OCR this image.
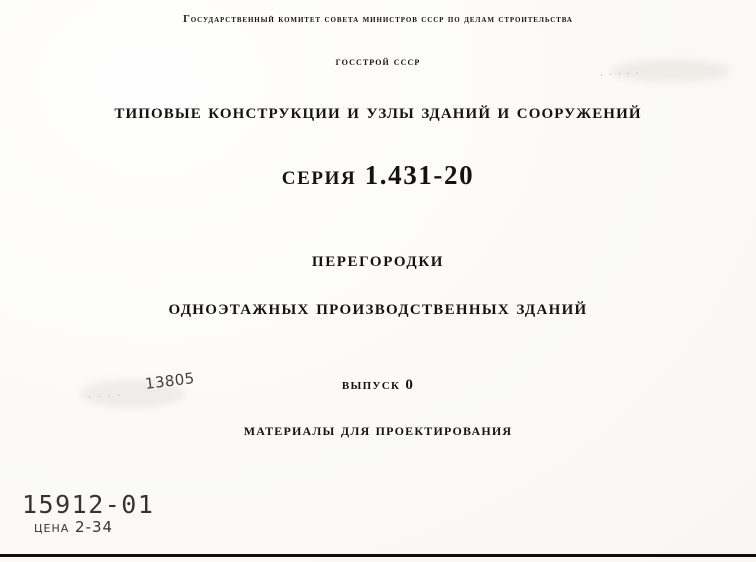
Государственный комитет совета министров ссср по делам строительства
госстрой ссср
типовые конструкции и узлы зданий и сооружений
серия 1.431-20
перегородки
одноэтажных производственных зданий
выпуск 0
материалы для проектирования
· · · · ·
· · · ·
13805
15912-01
цена 2-34
